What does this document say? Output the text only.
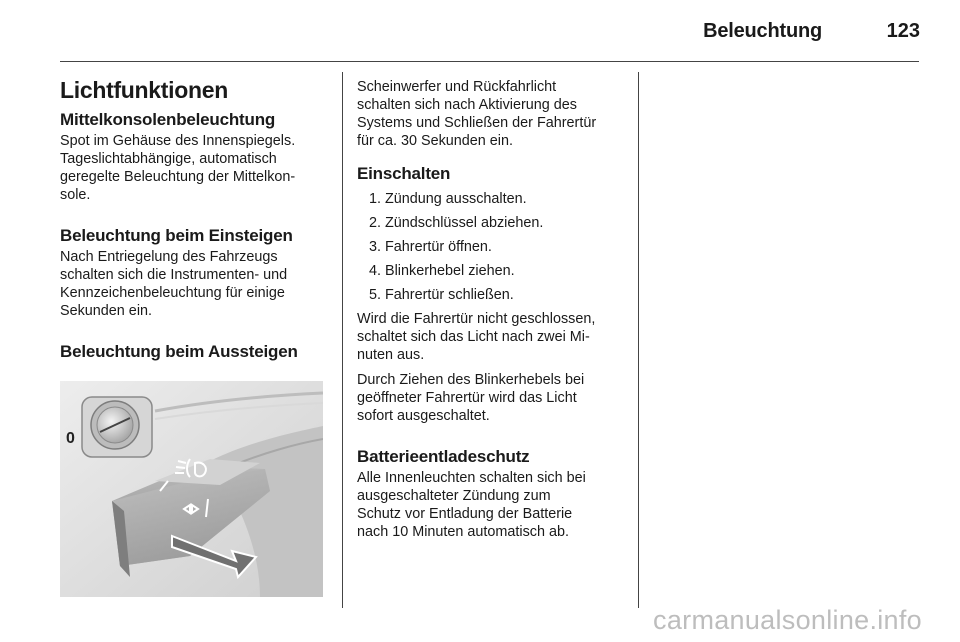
Beleuchtung	123
Lichtfunktionen
Mittelkonsolenbeleuchtung

Spot im Gehäuse des Innenspiegels.
Tageslichtabhängige, automatisch
geregelte Beleuchtung der Mittelkon-
sole.

Beleuchtung beim Einsteigen

Nach Entriegelung des Fahrzeugs
schalten sich die Instrumenten- und
Kennzeichenbeleuchtung für einige
Sekunden ein.

Beleuchtung beim Aussteigen
0

Scheinwerfer und Rückfahrlicht
schalten sich nach Aktivierung des
Systems und Schließen der Fahrertür
für ca. 30 Sekunden ein.

Einschalten
1. Zündung ausschalten.
2. Zündschlüssel abziehen.
3. Fahrertür öffnen.
4. Blinkerhebel ziehen.
5. Fahrertür schließen.

Wird die Fahrertür nicht geschlossen,
schaltet sich das Licht nach zwei Mi-
nuten aus.

Durch Ziehen des Blinkerhebels bei
geöffneter Fahrertür wird das Licht
sofort ausgeschaltet.

Batterieentladeschutz

Alle Innenleuchten schalten sich bei
ausgeschalteter Zündung zum
Schutz vor Entladung der Batterie
nach 10 Minuten automatisch ab.

carmanualsonline.info
